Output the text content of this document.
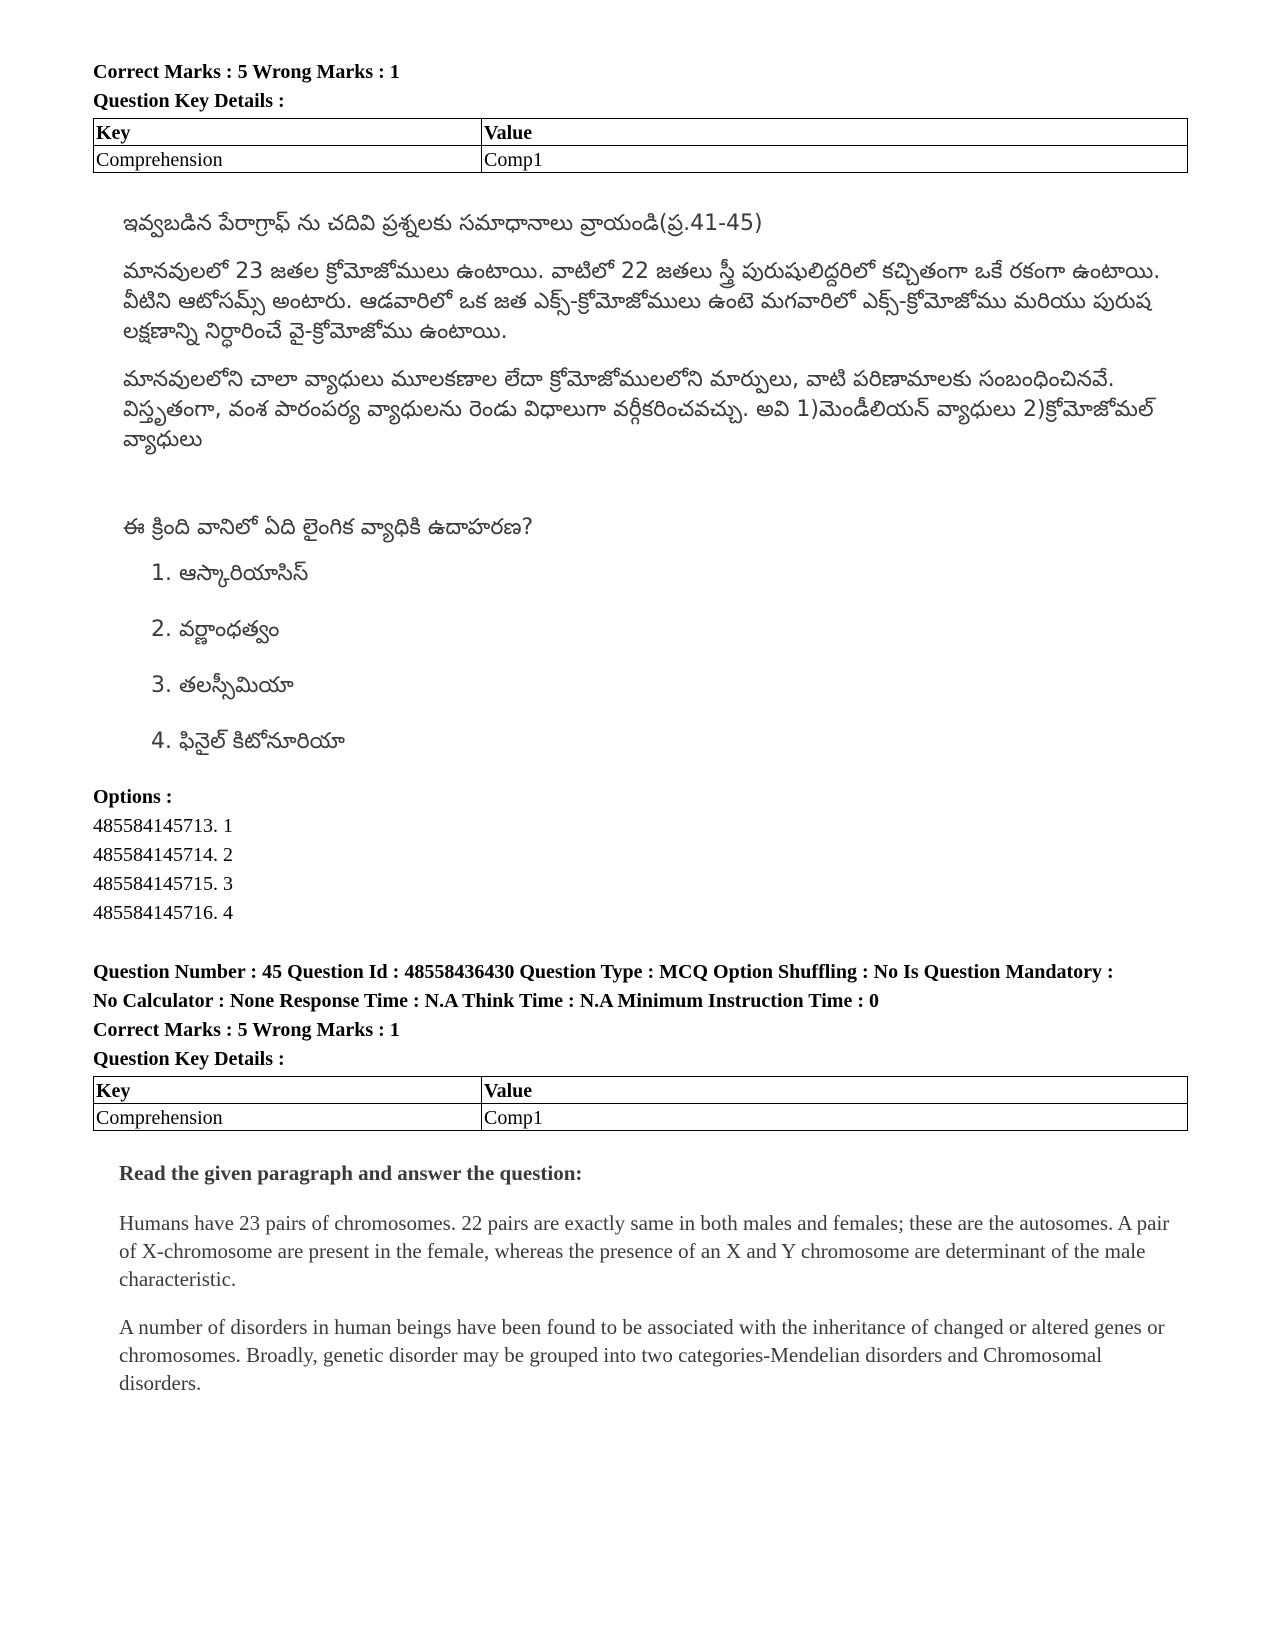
Correct Marks : 5 Wrong Marks : 1
Question Key Details :
Key	Value
Comprehension	Comp1

ఇవ్వబడిన పేరాగ్రాఫ్ ను చదివి ప్రశ్నలకు సమాధానాలు వ్రాయండి(ప్ర.41-45)

మానవులలో 23 జతల క్రోమోజోములు ఉంటాయి. వాటిలో 22 జతలు స్త్రీ పురుషులిద్దరిలో కచ్చితంగా ఒకే రకంగా ఉంటాయి. వీటిని ఆటోసమ్స్ అంటారు. ఆడవారిలో ఒక జత ఎక్స్-క్రోమోజోములు ఉంటె మగవారిలో ఎక్స్-క్రోమోజోము మరియు పురుష లక్షణాన్ని నిర్ధారించే వై-క్రోమోజోము ఉంటాయి.

మానవులలోని చాలా వ్యాధులు మూలకణాల లేదా క్రోమోజోములలోని మార్పులు, వాటి పరిణామాలకు సంబంధించినవే. విస్తృతంగా, వంశ పారంపర్య వ్యాధులను రెండు విధాలుగా వర్గీకరించవచ్చు. అవి 1)మెండీలియన్ వ్యాధులు 2)క్రోమోజోమల్ వ్యాధులు

ఈ క్రింది వానిలో ఏది లైంగిక వ్యాధికి ఉదాహరణ?
1. ఆస్కారియాసిస్
2. వర్ణాంధత్వం
3. తలస్సీమియా
4. ఫినైల్ కిటోనూరియా
Options :
485584145713. 1
485584145714. 2
485584145715. 3
485584145716. 4
Question Number : 45 Question Id : 48558436430 Question Type : MCQ Option Shuffling : No Is Question Mandatory :
No Calculator : None Response Time : N.A Think Time : N.A Minimum Instruction Time : 0
Correct Marks : 5 Wrong Marks : 1
Question Key Details :
Key	Value
Comprehension	Comp1
Read the given paragraph and answer the question:

Humans have 23 pairs of chromosomes. 22 pairs are exactly same in both males and females; these are the autosomes. A pair of X-chromosome are present in the female, whereas the presence of an X and Y chromosome are determinant of the male characteristic.

A number of disorders in human beings have been found to be associated with the inheritance of changed or altered genes or chromosomes. Broadly, genetic disorder may be grouped into two categories-Mendelian disorders and Chromosomal disorders.
